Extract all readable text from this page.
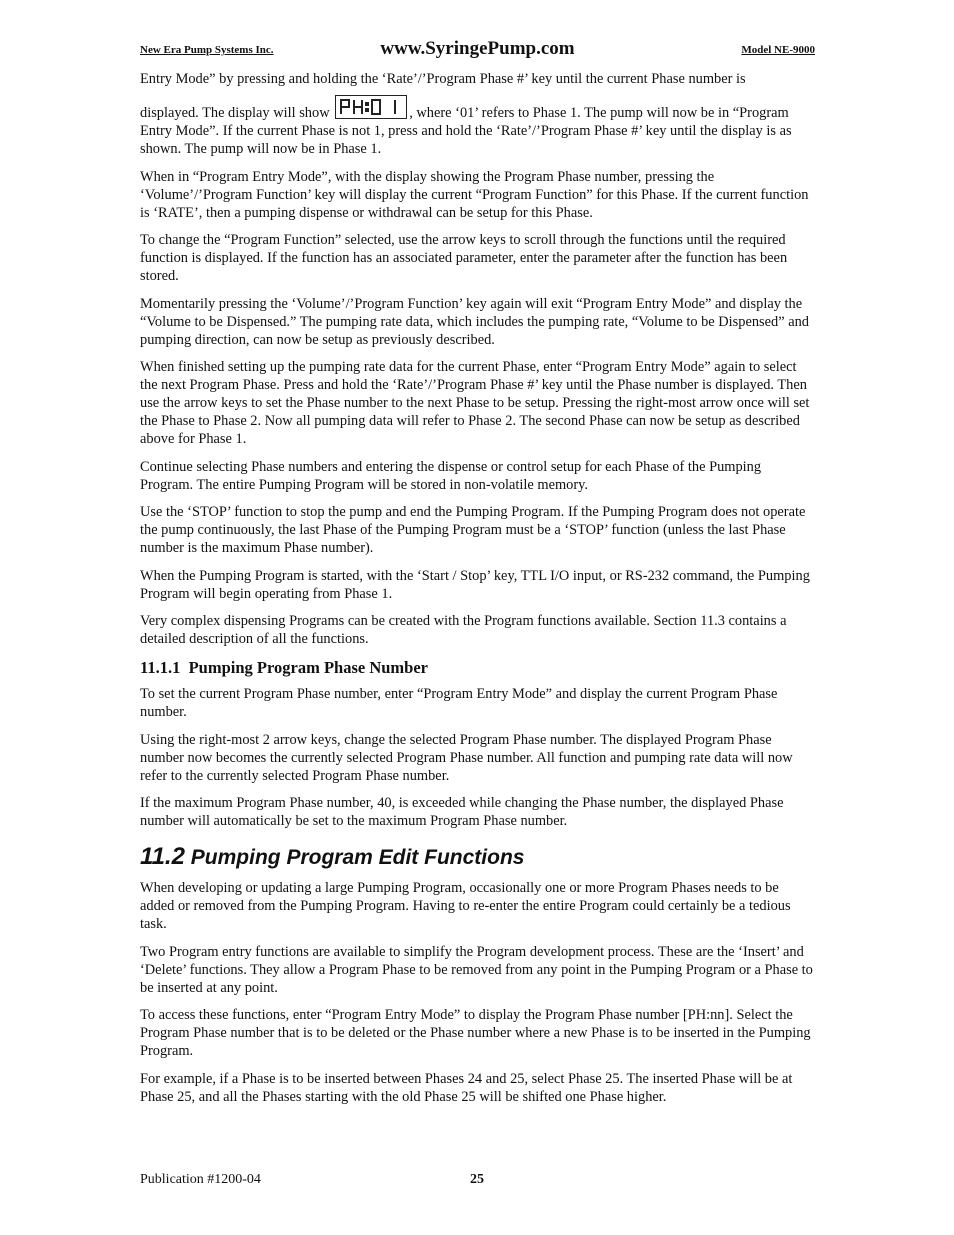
New Era Pump Systems Inc.	www.SyringePump.com	Model NE-9000

Entry Mode” by pressing and holding the ‘Rate’/’Program Phase #’ key until the current Phase number is

displayed. The display will show	, where ‘01’ refers to Phase 1. The pump will now be in “Program Entry Mode”. If the current Phase is not 1, press and hold the ‘Rate’/’Program Phase #’ key until the display is as shown. The pump will now be in Phase 1.

When in “Program Entry Mode”, with the display showing the Program Phase number, pressing the ‘Volume’/’Program Function’ key will display the current “Program Function” for this Phase. If the current function is ‘RATE’, then a pumping dispense or withdrawal can be setup for this Phase.

To change the “Program Function” selected, use the arrow keys to scroll through the functions until the required function is displayed. If the function has an associated parameter, enter the parameter after the function has been stored.

Momentarily pressing the ‘Volume’/’Program Function’ key again will exit “Program Entry Mode” and display the “Volume to be Dispensed.” The pumping rate data, which includes the pumping rate, “Volume to be Dispensed” and pumping direction, can now be setup as previously described.

When finished setting up the pumping rate data for the current Phase, enter “Program Entry Mode” again to select the next Program Phase. Press and hold the ‘Rate’/’Program Phase #’ key until the Phase number is displayed. Then use the arrow keys to set the Phase number to the next Phase to be setup. Pressing the right-most arrow once will set the Phase to Phase 2. Now all pumping data will refer to Phase 2. The second Phase can now be setup as described above for Phase 1.

Continue selecting Phase numbers and entering the dispense or control setup for each Phase of the Pumping Program. The entire Pumping Program will be stored in non-volatile memory.

Use the ‘STOP’ function to stop the pump and end the Pumping Program. If the Pumping Program does not operate the pump continuously, the last Phase of the Pumping Program must be a ‘STOP’ function (unless the last Phase number is the maximum Phase number).

When the Pumping Program is started, with the ‘Start / Stop’ key, TTL I/O input, or RS-232 command, the Pumping Program will begin operating from Phase 1.

Very complex dispensing Programs can be created with the Program functions available. Section 11.3 contains a detailed description of all the functions.

11.1.1 Pumping Program Phase Number

To set the current Program Phase number, enter “Program Entry Mode” and display the current Program Phase number.

Using the right-most 2 arrow keys, change the selected Program Phase number. The displayed Program Phase number now becomes the currently selected Program Phase number. All function and pumping rate data will now refer to the currently selected Program Phase number.

If the maximum Program Phase number, 40, is exceeded while changing the Phase number, the displayed Phase number will automatically be set to the maximum Program Phase number.

11.2 Pumping Program Edit Functions

When developing or updating a large Pumping Program, occasionally one or more Program Phases needs to be added or removed from the Pumping Program. Having to re-enter the entire Program could certainly be a tedious task.

Two Program entry functions are available to simplify the Program development process. These are the ‘Insert’ and ‘Delete’ functions. They allow a Program Phase to be removed from any point in the Pumping Program or a Phase to be inserted at any point.

To access these functions, enter “Program Entry Mode” to display the Program Phase number [PH:nn]. Select the Program Phase number that is to be deleted or the Phase number where a new Phase is to be inserted in the Pumping Program.

For example, if a Phase is to be inserted between Phases 24 and 25, select Phase 25. The inserted Phase will be at Phase 25, and all the Phases starting with the old Phase 25 will be shifted one Phase higher.

Publication #1200-04	25
